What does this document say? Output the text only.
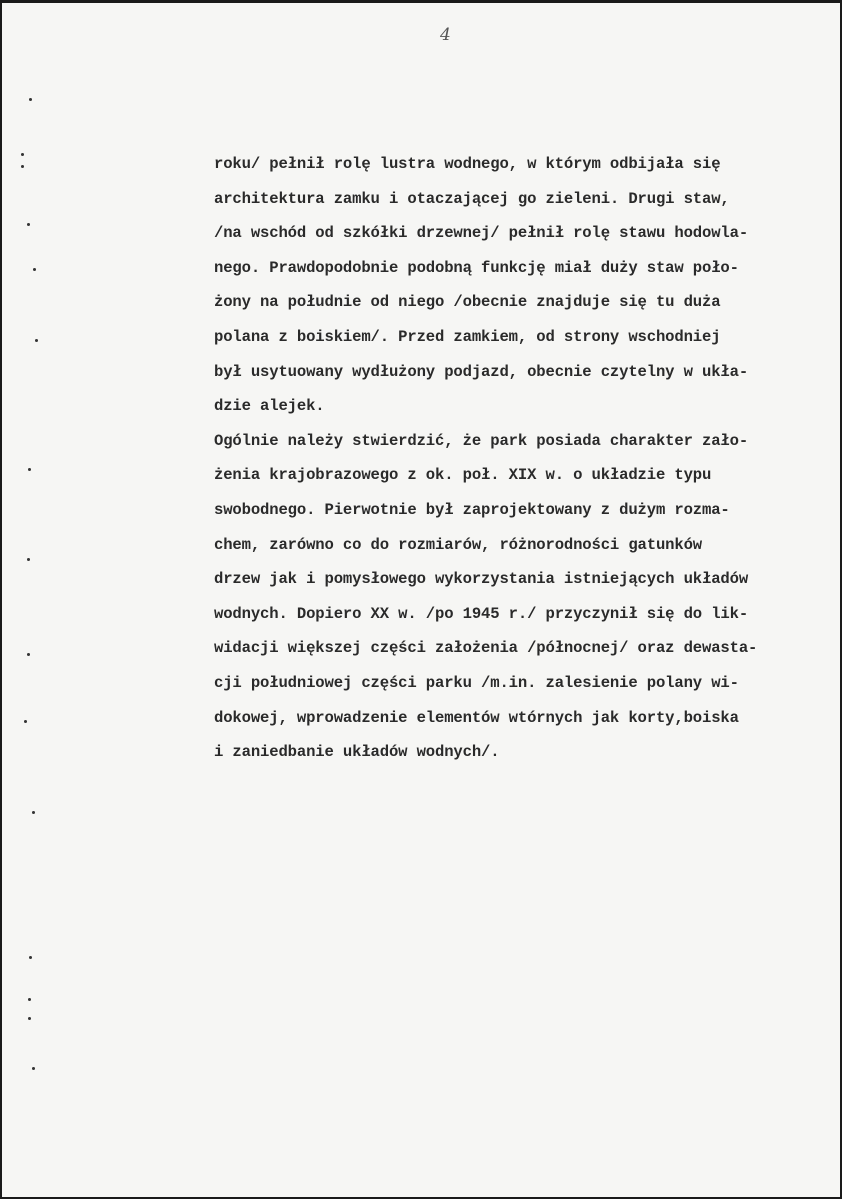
4
roku/ pełnił rolę lustra wodnego, w którym odbijała się
architektura zamku i otaczającej go zieleni. Drugi staw,
/na wschód od szkółki drzewnej/ pełnił rolę stawu hodowla-
nego. Prawdopodobnie podobną funkcję miał duży staw poło-
żony na południe od niego /obecnie znajduje się tu duża
polana z boiskiem/. Przed zamkiem, od strony wschodniej
był usytuowany wydłużony podjazd, obecnie czytelny w ukła-
dzie alejek.
Ogólnie należy stwierdzić, że park posiada charakter zało-
żenia krajobrazowego z ok. poł. XIX w. o układzie typu
swobodnego. Pierwotnie był zaprojektowany z dużym rozma-
chem, zarówno co do rozmiarów, różnorodności gatunków
drzew jak i pomysłowego wykorzystania istniejących układów
wodnych. Dopiero XX w. /po 1945 r./ przyczynił się do lik-
widacji większej części założenia /północnej/ oraz dewasta-
cji południowej części parku /m.in. zalesienie polany wi-
dokowej, wprowadzenie elementów wtórnych jak korty,boiska
i zaniedbanie układów wodnych/.
